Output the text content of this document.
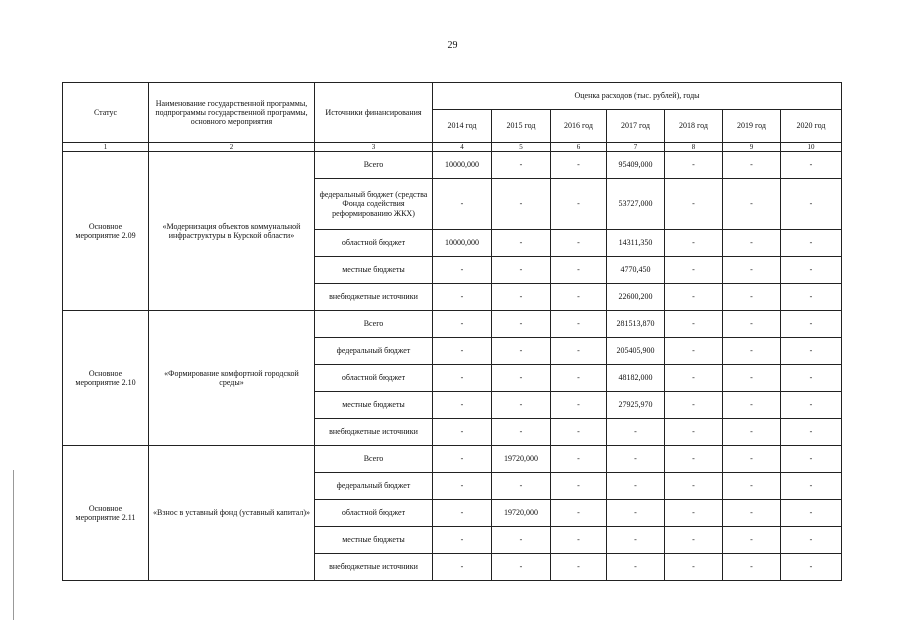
29
Статус	Наименование государственной программы, подпрограммы государственной программы, основного мероприятия	Источники финансирования	Оценка расходов (тыс. рублей), годы						
			2014 год	2015 год	2016 год	2017 год	2018 год	2019 год	2020 год
1	2	3	4	5	6	7	8	9	10
Основное мероприятие 2.09	«Модернизация объектов коммунальной инфраструктуры в Курской области»	Всего	10000,000	-	-	95409,000	-	-	-
		федеральный бюджет (средства Фонда содействия реформированию ЖКХ)	-	-	-	53727,000	-	-	-
		областной бюджет	10000,000	-	-	14311,350	-	-	-
		местные бюджеты	-	-	-	4770,450	-	-	-
		внебюджетные источники	-	-	-	22600,200	-	-	-
Основное мероприятие 2.10	«Формирование комфортной городской среды»	Всего	-	-	-	281513,870	-	-	-
		федеральный бюджет	-	-	-	205405,900	-	-	-
		областной бюджет	-	-	-	48182,000	-	-	-
		местные бюджеты	-	-	-	27925,970	-	-	-
		внебюджетные источники	-	-	-	-	-	-	-
Основное мероприятие 2.11	«Взнос в уставный фонд (уставный капитал)»	Всего	-	19720,000	-	-	-	-	-
		федеральный бюджет	-	-	-	-	-	-	-
		областной бюджет	-	19720,000	-	-	-	-	-
		местные бюджеты	-	-	-	-	-	-	-
		внебюджетные источники	-	-	-	-	-	-	-
